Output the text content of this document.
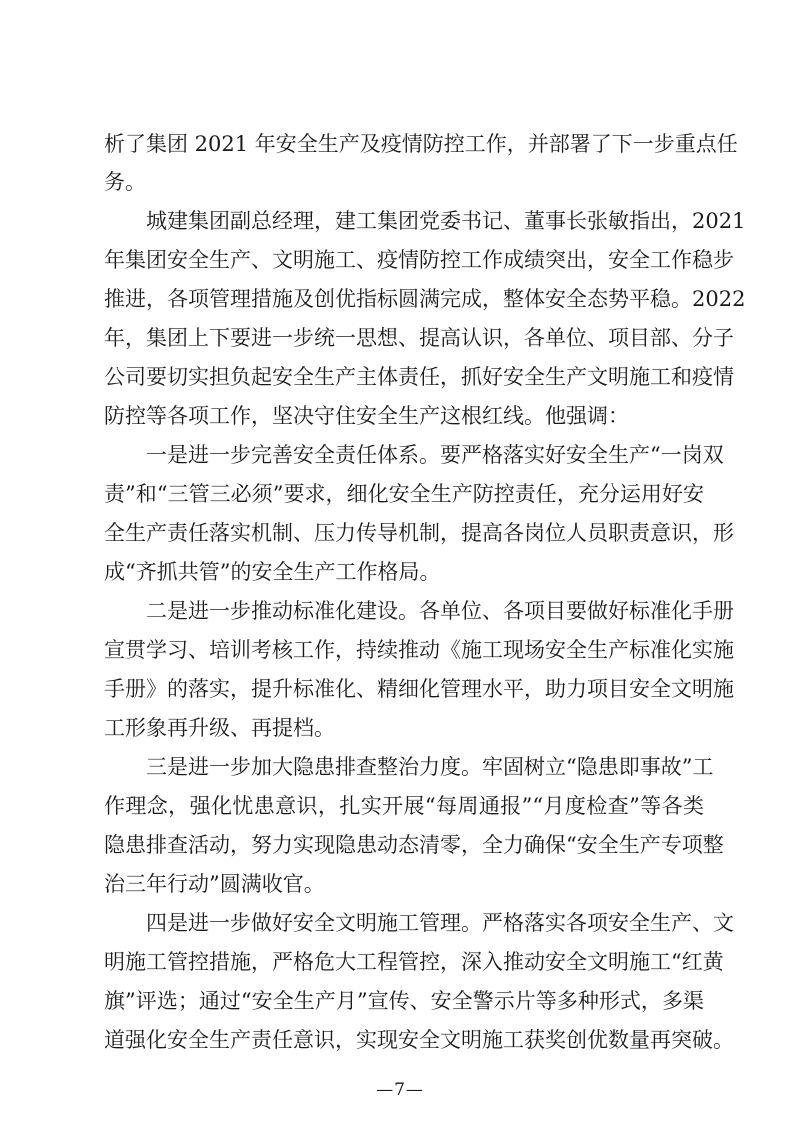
析了集团 2021 年安全生产及疫情防控工作，并部署了下一步重点任
务。
城建集团副总经理，建工集团党委书记、董事长张敏指出，2021
年集团安全生产、文明施工、疫情防控工作成绩突出，安全工作稳步
推进，各项管理措施及创优指标圆满完成，整体安全态势平稳。2022
年，集团上下要进一步统一思想、提高认识，各单位、项目部、分子
公司要切实担负起安全生产主体责任，抓好安全生产文明施工和疫情
防控等各项工作，坚决守住安全生产这根红线。他强调：
一是进一步完善安全责任体系。要严格落实好安全生产“一岗双
责”和“三管三必须”要求，细化安全生产防控责任，充分运用好安
全生产责任落实机制、压力传导机制，提高各岗位人员职责意识，形
成“齐抓共管”的安全生产工作格局。
二是进一步推动标准化建设。各单位、各项目要做好标准化手册
宣贯学习、培训考核工作，持续推动《施工现场安全生产标准化实施
手册》的落实，提升标准化、精细化管理水平，助力项目安全文明施
工形象再升级、再提档。
三是进一步加大隐患排查整治力度。牢固树立“隐患即事故”工
作理念，强化忧患意识，扎实开展“每周通报”“月度检查”等各类
隐患排查活动，努力实现隐患动态清零，全力确保“安全生产专项整
治三年行动”圆满收官。
四是进一步做好安全文明施工管理。严格落实各项安全生产、文
明施工管控措施，严格危大工程管控，深入推动安全文明施工“红黄
旗”评选；通过“安全生产月”宣传、安全警示片等多种形式，多渠
道强化安全生产责任意识，实现安全文明施工获奖创优数量再突破。
—7—
